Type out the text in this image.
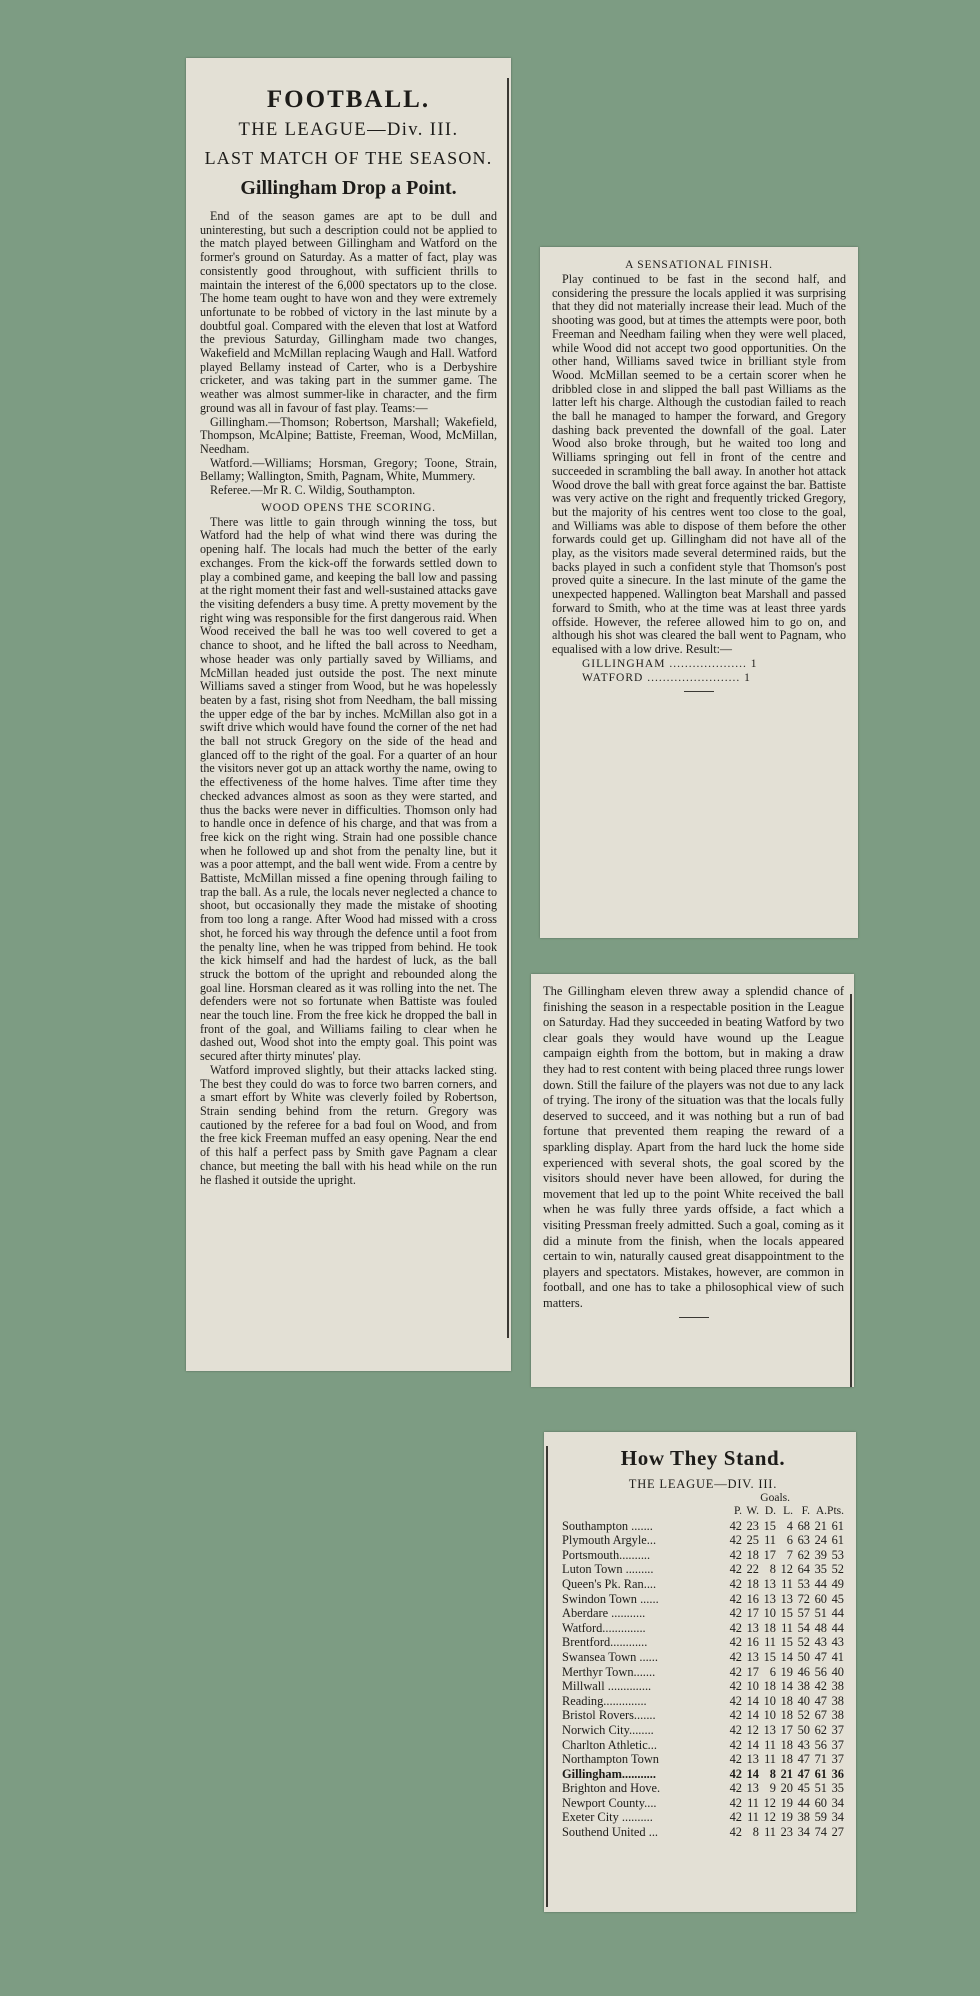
FOOTBALL.
THE LEAGUE—Div. III.
LAST MATCH OF THE SEASON.
Gillingham Drop a Point.

End of the season games are apt to be dull and uninteresting, but such a description could not be applied to the match played between Gillingham and Watford on the former's ground on Saturday. As a matter of fact, play was consistently good throughout, with sufficient thrills to maintain the interest of the 6,000 spectators up to the close. The home team ought to have won and they were extremely unfortunate to be robbed of victory in the last minute by a doubtful goal. Compared with the eleven that lost at Watford the previous Saturday, Gillingham made two changes, Wakefield and McMillan replacing Waugh and Hall. Watford played Bellamy instead of Carter, who is a Derbyshire cricketer, and was taking part in the summer game. The weather was almost summer-like in character, and the firm ground was all in favour of fast play. Teams:—

Gillingham.—Thomson; Robertson, Marshall; Wakefield, Thompson, McAlpine; Battiste, Freeman, Wood, McMillan, Needham.

Watford.—Williams; Horsman, Gregory; Toone, Strain, Bellamy; Wallington, Smith, Pagnam, White, Mummery.

Referee.—Mr R. C. Wildig, Southampton.

WOOD OPENS THE SCORING.

There was little to gain through winning the toss, but Watford had the help of what wind there was during the opening half. The locals had much the better of the early exchanges. From the kick-off the forwards settled down to play a combined game, and keeping the ball low and passing at the right moment their fast and well-sustained attacks gave the visiting defenders a busy time. A pretty movement by the right wing was responsible for the first dangerous raid. When Wood received the ball he was too well covered to get a chance to shoot, and he lifted the ball across to Needham, whose header was only partially saved by Williams, and McMillan headed just outside the post. The next minute Williams saved a stinger from Wood, but he was hopelessly beaten by a fast, rising shot from Needham, the ball missing the upper edge of the bar by inches. McMillan also got in a swift drive which would have found the corner of the net had the ball not struck Gregory on the side of the head and glanced off to the right of the goal. For a quarter of an hour the visitors never got up an attack worthy the name, owing to the effectiveness of the home halves. Time after time they checked advances almost as soon as they were started, and thus the backs were never in difficulties. Thomson only had to handle once in defence of his charge, and that was from a free kick on the right wing. Strain had one possible chance when he followed up and shot from the penalty line, but it was a poor attempt, and the ball went wide. From a centre by Battiste, McMillan missed a fine opening through failing to trap the ball. As a rule, the locals never neglected a chance to shoot, but occasionally they made the mistake of shooting from too long a range. After Wood had missed with a cross shot, he forced his way through the defence until a foot from the penalty line, when he was tripped from behind. He took the kick himself and had the hardest of luck, as the ball struck the bottom of the upright and rebounded along the goal line. Horsman cleared as it was rolling into the net. The defenders were not so fortunate when Battiste was fouled near the touch line. From the free kick he dropped the ball in front of the goal, and Williams failing to clear when he dashed out, Wood shot into the empty goal. This point was secured after thirty minutes' play.

Watford improved slightly, but their attacks lacked sting. The best they could do was to force two barren corners, and a smart effort by White was cleverly foiled by Robertson, Strain sending behind from the return. Gregory was cautioned by the referee for a bad foul on Wood, and from the free kick Freeman muffed an easy opening. Near the end of this half a perfect pass by Smith gave Pagnam a clear chance, but meeting the ball with his head while on the run he flashed it outside the upright.

A SENSATIONAL FINISH.

Play continued to be fast in the second half, and considering the pressure the locals applied it was surprising that they did not materially increase their lead. Much of the shooting was good, but at times the attempts were poor, both Freeman and Needham failing when they were well placed, while Wood did not accept two good opportunities. On the other hand, Williams saved twice in brilliant style from Wood. McMillan seemed to be a certain scorer when he dribbled close in and slipped the ball past Williams as the latter left his charge. Although the custodian failed to reach the ball he managed to hamper the forward, and Gregory dashing back prevented the downfall of the goal. Later Wood also broke through, but he waited too long and Williams springing out fell in front of the centre and succeeded in scrambling the ball away. In another hot attack Wood drove the ball with great force against the bar. Battiste was very active on the right and frequently tricked Gregory, but the majority of his centres went too close to the goal, and Williams was able to dispose of them before the other forwards could get up. Gillingham did not have all of the play, as the visitors made several determined raids, but the backs played in such a confident style that Thomson's post proved quite a sinecure. In the last minute of the game the unexpected happened. Wallington beat Marshall and passed forward to Smith, who at the time was at least three yards offside. However, the referee allowed him to go on, and although his shot was cleared the ball went to Pagnam, who equalised with a low drive. Result:—

GILLINGHAM .................... 1
WATFORD ........................ 1

The Gillingham eleven threw away a splendid chance of finishing the season in a respectable position in the League on Saturday. Had they succeeded in beating Watford by two clear goals they would have wound up the League campaign eighth from the bottom, but in making a draw they had to rest content with being placed three rungs lower down. Still the failure of the players was not due to any lack of trying. The irony of the situation was that the locals fully deserved to succeed, and it was nothing but a run of bad fortune that prevented them reaping the reward of a sparkling display. Apart from the hard luck the home side experienced with several shots, the goal scored by the visitors should never have been allowed, for during the movement that led up to the point White received the ball when he was fully three yards offside, a fact which a visiting Pressman freely admitted. Such a goal, coming as it did a minute from the finish, when the locals appeared certain to win, naturally caused great disappointment to the players and spectators. Mistakes, however, are common in football, and one has to take a philosophical view of such matters.

How They Stand.
THE LEAGUE—DIV. III.
Goals.
	P.	W.	D.	L.	F.	A.	Pts.
Southampton .......	42	23	15	4	68	21	61
Plymouth Argyle...	42	25	11	6	63	24	61
Portsmouth..........	42	18	17	7	62	39	53
Luton Town .........	42	22	8	12	64	35	52
Queen's Pk. Ran....	42	18	13	11	53	44	49
Swindon Town ......	42	16	13	13	72	60	45
Aberdare ...........	42	17	10	15	57	51	44
Watford..............	42	13	18	11	54	48	44
Brentford............	42	16	11	15	52	43	43
Swansea Town ......	42	13	15	14	50	47	41
Merthyr Town.......	42	17	6	19	46	56	40
Millwall ..............	42	10	18	14	38	42	38
Reading..............	42	14	10	18	40	47	38
Bristol Rovers.......	42	14	10	18	52	67	38
Norwich City........	42	12	13	17	50	62	37
Charlton Athletic...	42	14	11	18	43	56	37
Northampton Town	42	13	11	18	47	71	37
Gillingham...........	42	14	8	21	47	61	36
Brighton and Hove.	42	13	9	20	45	51	35
Newport County....	42	11	12	19	44	60	34
Exeter City ..........	42	11	12	19	38	59	34
Southend United ...	42	8	11	23	34	74	27
